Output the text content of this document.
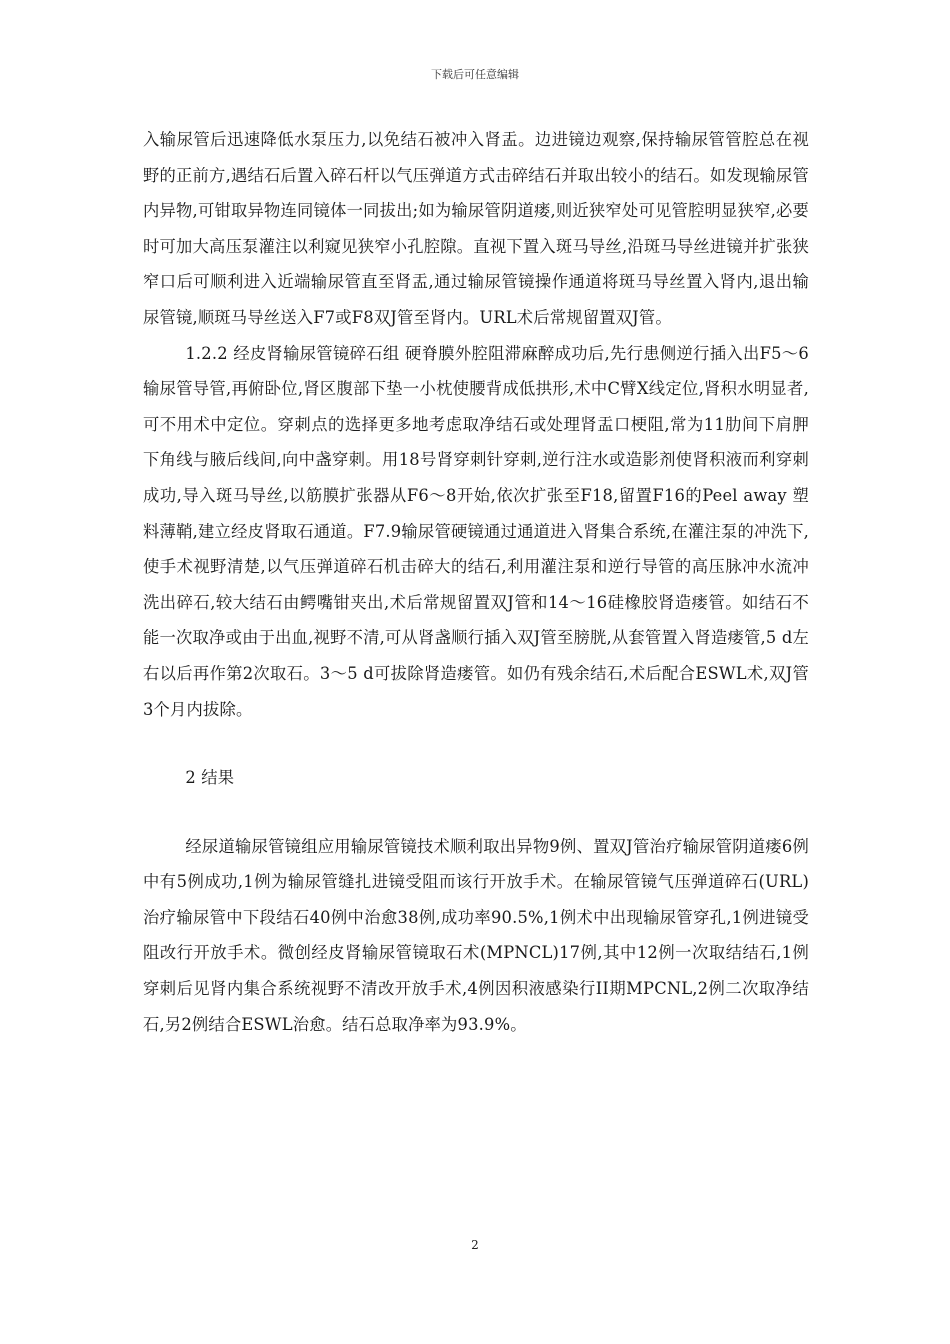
下载后可任意编辑

入输尿管后迅速降低水泵压力,以免结石被冲入肾盂。边进镜边观察,保持输尿管管腔总在视野的正前方,遇结石后置入碎石杆以气压弹道方式击碎结石并取出较小的结石。如发现输尿管内异物,可钳取异物连同镜体一同拔出;如为输尿管阴道瘘,则近狭窄处可见管腔明显狭窄,必要时可加大高压泵灌注以利窥见狭窄小孔腔隙。直视下置入斑马导丝,沿斑马导丝进镜并扩张狭窄口后可顺利进入近端输尿管直至肾盂,通过输尿管镜操作通道将斑马导丝置入肾内,退出输尿管镜,顺斑马导丝送入F7或F8双J管至肾内。URL术后常规留置双J管。

1.2.2 经皮肾输尿管镜碎石组 硬脊膜外腔阻滞麻醉成功后,先行患侧逆行插入出F5～6输尿管导管,再俯卧位,肾区腹部下垫一小枕使腰背成低拱形,术中C臂X线定位,肾积水明显者,可不用术中定位。穿刺点的选择更多地考虑取净结石或处理肾盂口梗阻,常为11肋间下肩胛下角线与腋后线间,向中盏穿刺。用18号肾穿刺针穿刺,逆行注水或造影剂使肾积液而利穿刺成功,导入斑马导丝,以筋膜扩张器从F6～8开始,依次扩张至F18,留置F16的Peel away 塑料薄鞘,建立经皮肾取石通道。F7.9输尿管硬镜通过通道进入肾集合系统,在灌注泵的冲洗下,使手术视野清楚,以气压弹道碎石机击碎大的结石,利用灌注泵和逆行导管的高压脉冲水流冲洗出碎石,较大结石由鳄嘴钳夹出,术后常规留置双J管和14～16硅橡胶肾造瘘管。如结石不能一次取净或由于出血,视野不清,可从肾盏顺行插入双J管至膀胱,从套管置入肾造瘘管,5 d左右以后再作第2次取石。3～5 d可拔除肾造瘘管。如仍有残余结石,术后配合ESWL术,双J管3个月内拔除。

2 结果

经尿道输尿管镜组应用输尿管镜技术顺利取出异物9例、置双J管治疗输尿管阴道瘘6例中有5例成功,1例为输尿管缝扎进镜受阻而该行开放手术。在输尿管镜气压弹道碎石(URL)治疗输尿管中下段结石40例中治愈38例,成功率90.5%,1例术中出现输尿管穿孔,1例进镜受阻改行开放手术。微创经皮肾输尿管镜取石术(MPNCL)17例,其中12例一次取结结石,1例穿刺后见肾内集合系统视野不清改开放手术,4例因积液感染行II期MPCNL,2例二次取净结石,另2例结合ESWL治愈。结石总取净率为93.9%。

2
